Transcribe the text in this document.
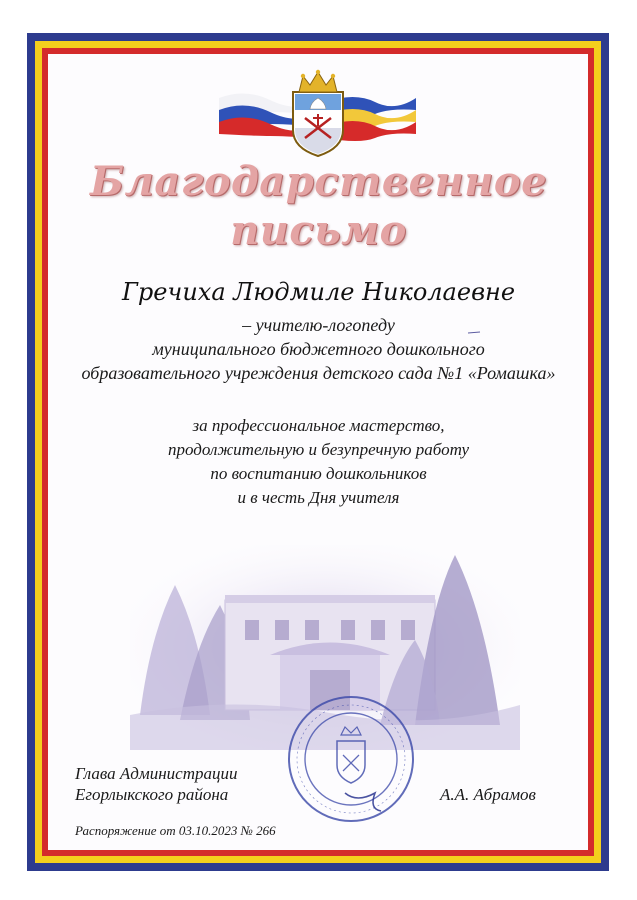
Благодарственное
письмо
Гречиха Людмиле Николаевне
– учителю-логопеду
муниципального бюджетного дошкольного
образовательного учреждения детского сада №1 «Ромашка»
за профессиональное мастерство,
продолжительную и безупречную работу
по воспитанию дошкольников
и в честь Дня учителя
Глава Администрации
Егорлыкского района	А.А. Абрамов
Распоряжение от 03.10.2023 № 266
